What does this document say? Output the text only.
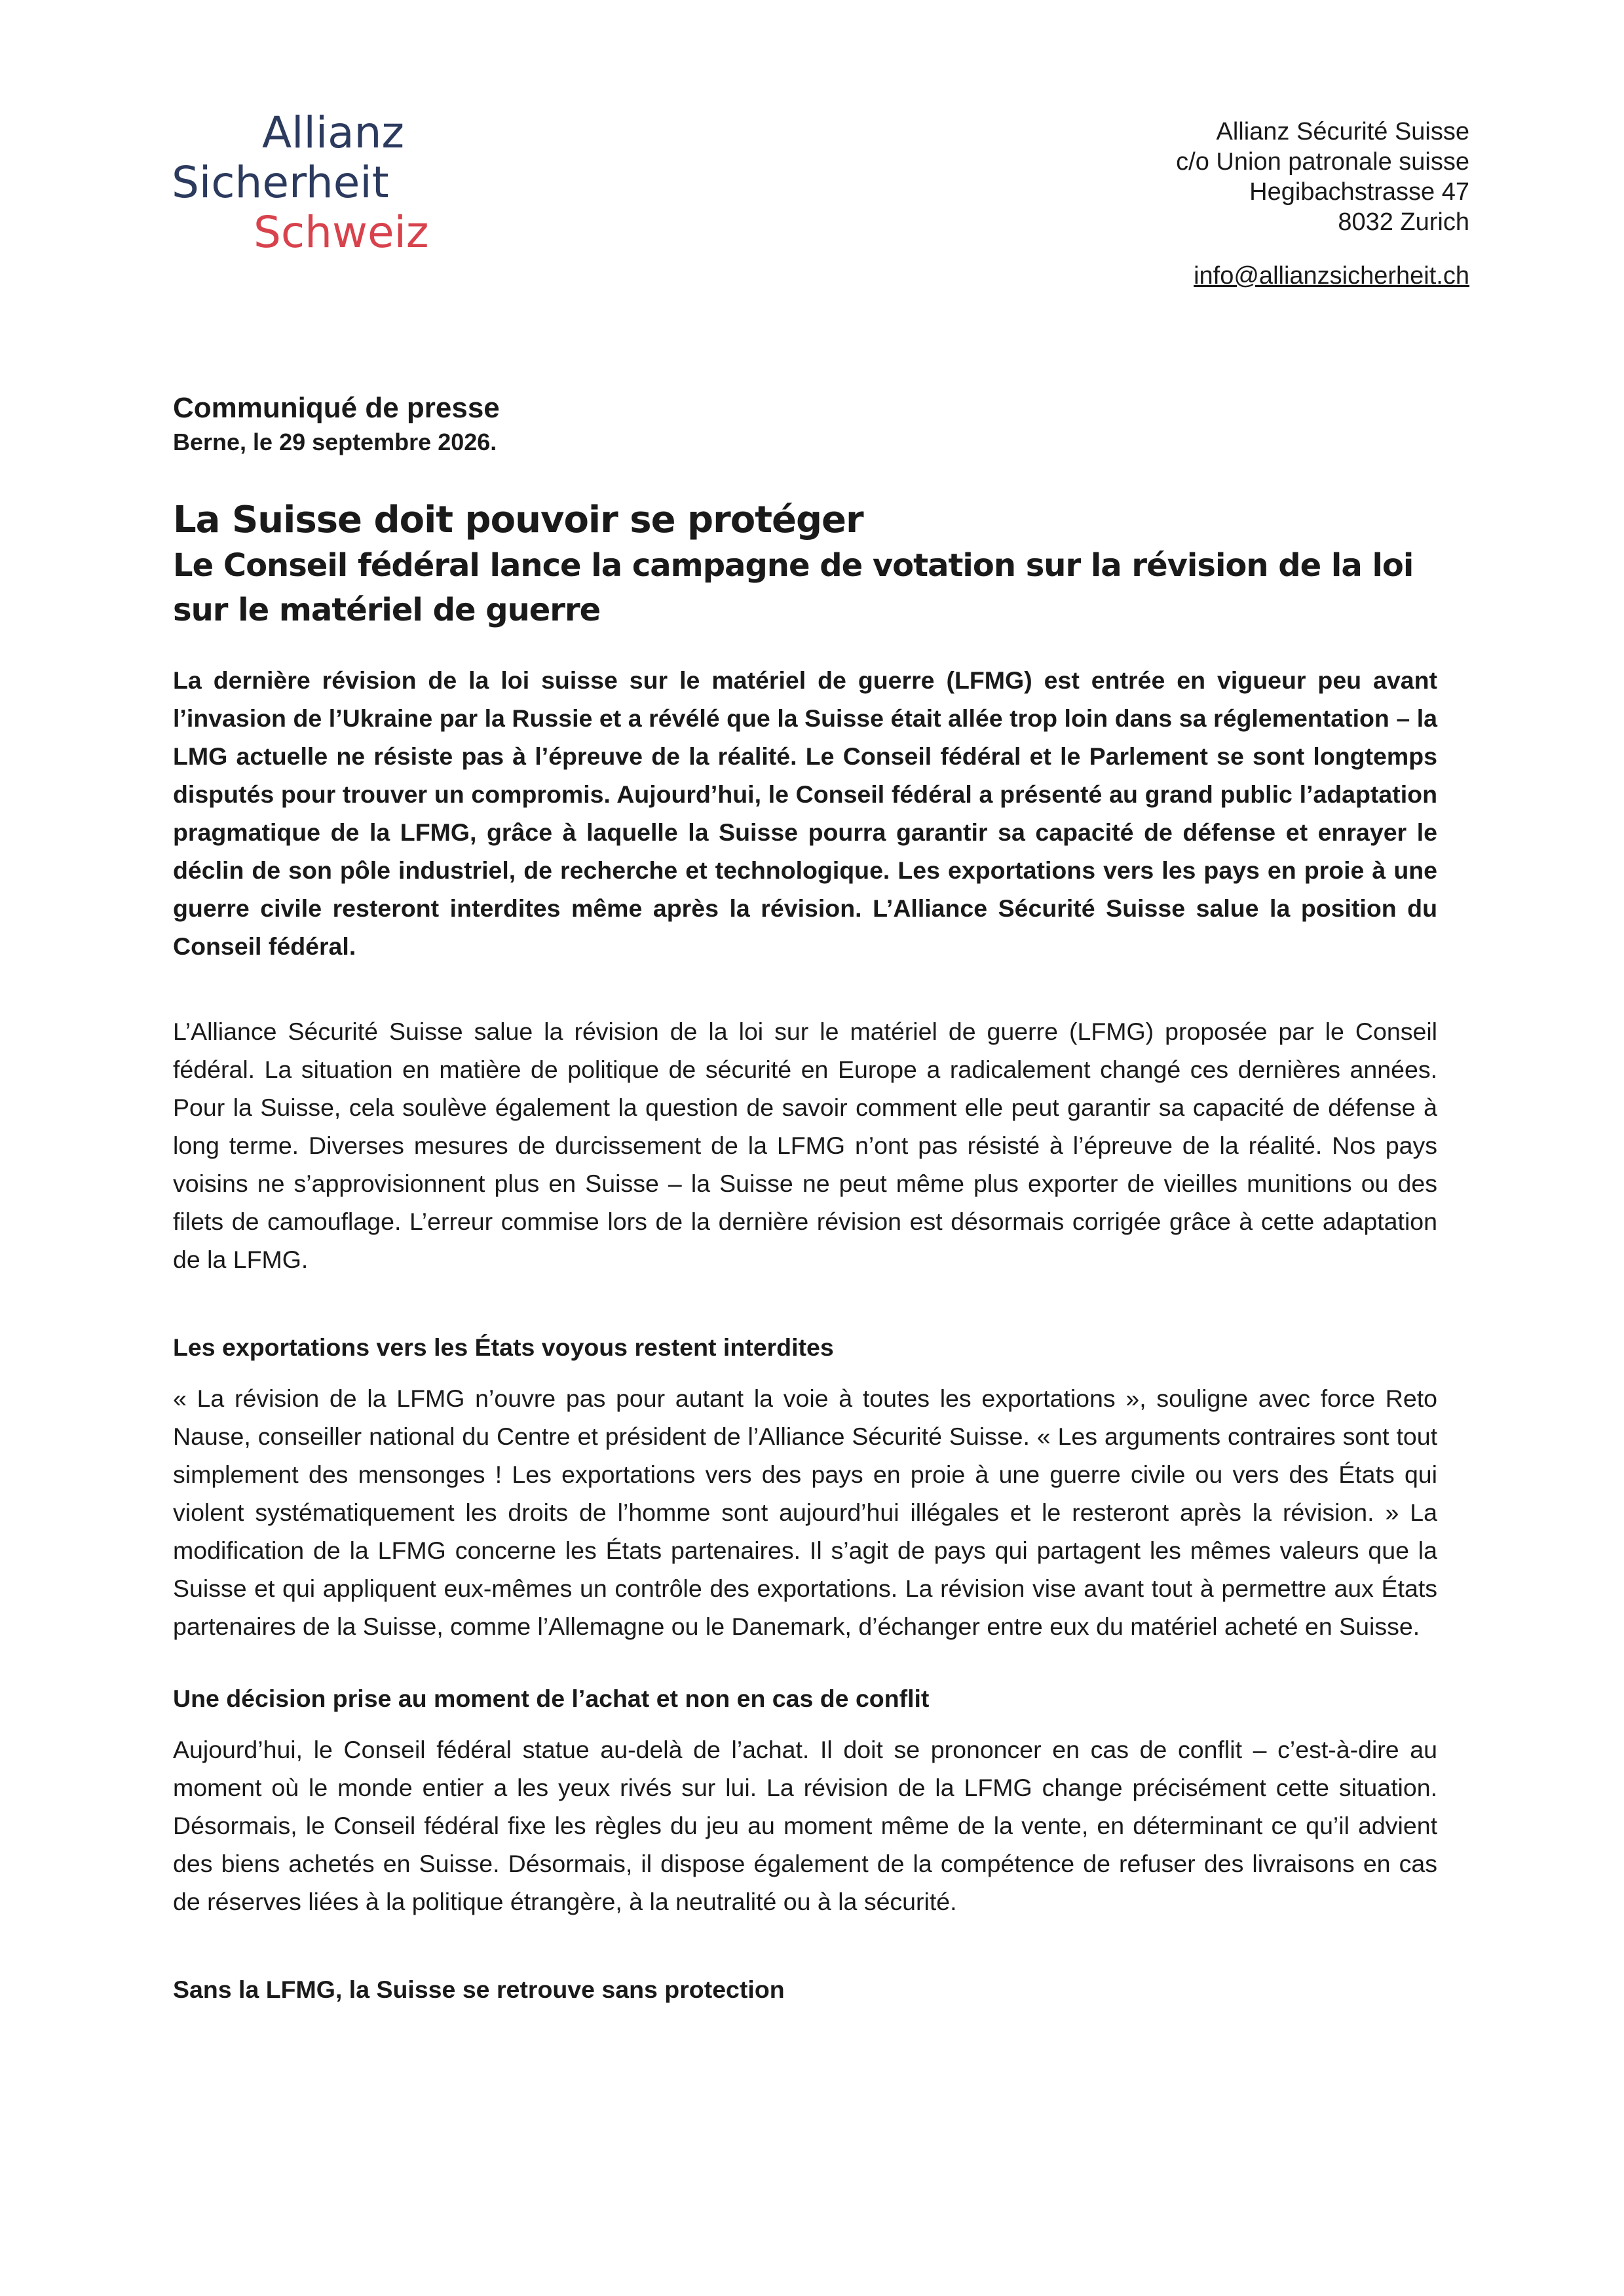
Allianz
Sicherheit
Schweiz
Allianz Sécurité Suisse
c/o Union patronale suisse
Hegibachstrasse 47
8032 Zurich
info@allianzsicherheit.ch

Communiqué de presse

Berne, le 29 septembre 2026.

La Suisse doit pouvoir se protéger
Le Conseil fédéral lance la campagne de votation sur la révision de la loi sur le matériel de guerre

La dernière révision de la loi suisse sur le matériel de guerre (LFMG) est entrée en vigueur peu avant l’invasion de l’Ukraine par la Russie et a révélé que la Suisse était allée trop loin dans sa réglementation – la LMG actuelle ne résiste pas à l’épreuve de la réalité. Le Conseil fédéral et le Parlement se sont longtemps disputés pour trouver un compromis. Aujourd’hui, le Conseil fédéral a présenté au grand public l’adaptation pragmatique de la LFMG, grâce à laquelle la Suisse pourra garantir sa capacité de défense et enrayer le déclin de son pôle industriel, de recherche et technologique. Les exportations vers les pays en proie à une guerre civile resteront interdites même après la révision. L’Alliance Sécurité Suisse salue la position du Conseil fédéral.

L’Alliance Sécurité Suisse salue la révision de la loi sur le matériel de guerre (LFMG) proposée par le Conseil fédéral. La situation en matière de politique de sécurité en Europe a radicalement changé ces dernières années. Pour la Suisse, cela soulève également la question de savoir comment elle peut garantir sa capacité de défense à long terme. Diverses mesures de durcissement de la LFMG n’ont pas résisté à l’épreuve de la réalité. Nos pays voisins ne s’approvisionnent plus en Suisse – la Suisse ne peut même plus exporter de vieilles munitions ou des filets de camouflage. L’erreur commise lors de la dernière révision est désormais corrigée grâce à cette adaptation de la LFMG.

Les exportations vers les États voyous restent interdites

« La révision de la LFMG n’ouvre pas pour autant la voie à toutes les exportations », souligne avec force Reto Nause, conseiller national du Centre et président de l’Alliance Sécurité Suisse. « Les arguments contraires sont tout simplement des mensonges ! Les exportations vers des pays en proie à une guerre civile ou vers des États qui violent systématiquement les droits de l’homme sont aujourd’hui illégales et le resteront après la révision. » La modification de la LFMG concerne les États partenaires. Il s’agit de pays qui partagent les mêmes valeurs que la Suisse et qui appliquent eux-mêmes un contrôle des exportations. La révision vise avant tout à permettre aux États partenaires de la Suisse, comme l’Allemagne ou le Danemark, d’échanger entre eux du matériel acheté en Suisse.

Une décision prise au moment de l’achat et non en cas de conflit

Aujourd’hui, le Conseil fédéral statue au-delà de l’achat. Il doit se prononcer en cas de conflit – c’est-à-dire au moment où le monde entier a les yeux rivés sur lui. La révision de la LFMG change précisément cette situation. Désormais, le Conseil fédéral fixe les règles du jeu au moment même de la vente, en déterminant ce qu’il advient des biens achetés en Suisse. Désormais, il dispose également de la compétence de refuser des livraisons en cas de réserves liées à la politique étrangère, à la neutralité ou à la sécurité.

Sans la LFMG, la Suisse se retrouve sans protection
